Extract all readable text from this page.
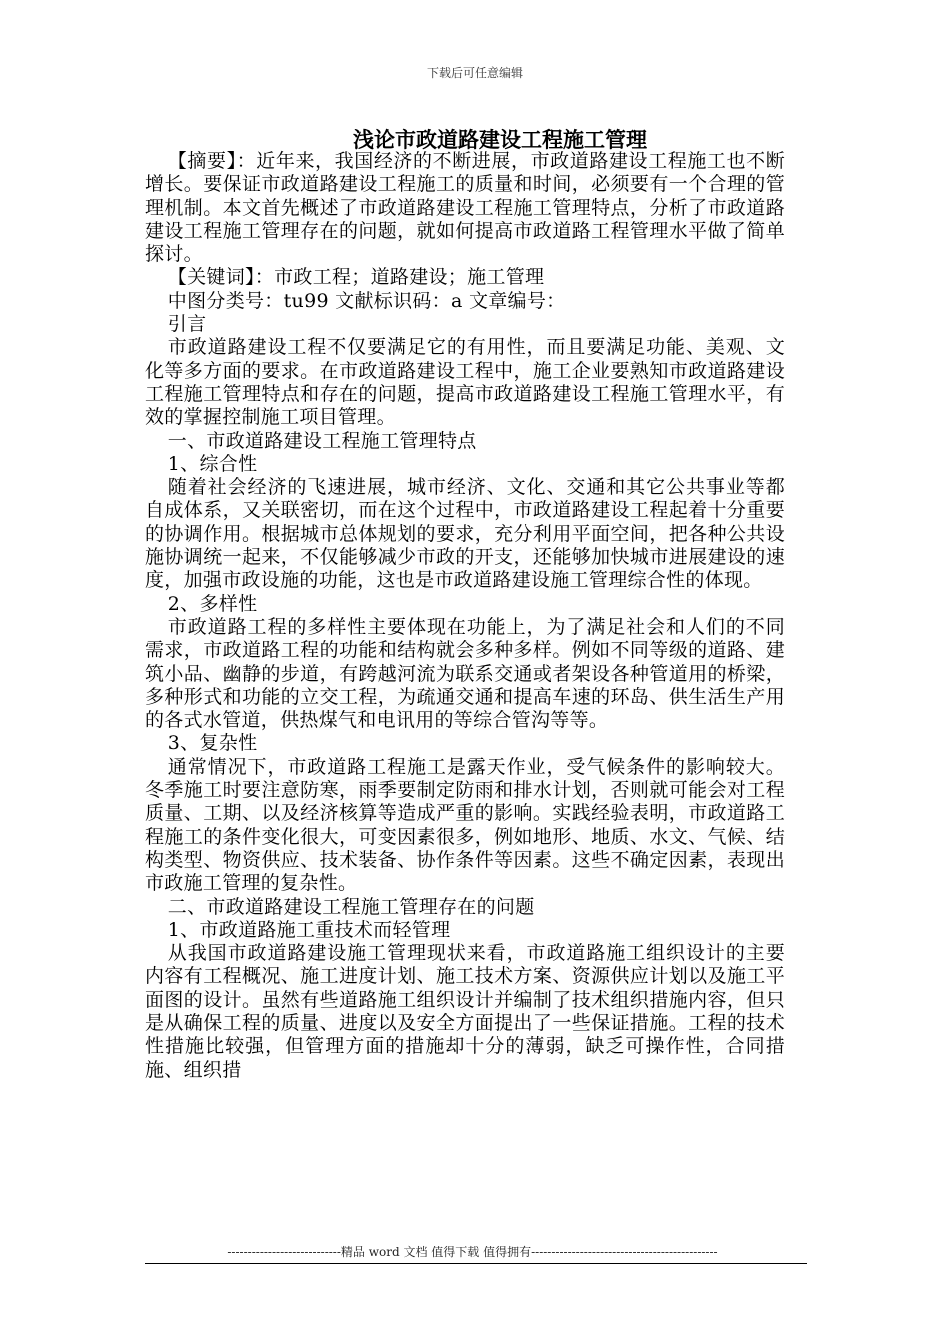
下载后可任意编辑
浅论市政道路建设工程施工管理

【摘要】：近年来，我国经济的不断进展，市政道路建设工程施工也不断增长。要保证市政道路建设工程施工的质量和时间，必须要有一个合理的管理机制。本文首先概述了市政道路建设工程施工管理特点，分析了市政道路建设工程施工管理存在的问题，就如何提高市政道路工程管理水平做了简单探讨。

【关键词】：市政工程；道路建设；施工管理

中图分类号：tu99 文献标识码：a 文章编号：

引言

市政道路建设工程不仅要满足它的有用性，而且要满足功能、美观、文化等多方面的要求。在市政道路建设工程中，施工企业要熟知市政道路建设工程施工管理特点和存在的问题，提高市政道路建设工程施工管理水平，有效的掌握控制施工项目管理。

一、市政道路建设工程施工管理特点

1、综合性

随着社会经济的飞速进展，城市经济、文化、交通和其它公共事业等都自成体系，又关联密切，而在这个过程中，市政道路建设工程起着十分重要的协调作用。根据城市总体规划的要求，充分利用平面空间，把各种公共设施协调统一起来，不仅能够减少市政的开支，还能够加快城市进展建设的速度，加强市政设施的功能，这也是市政道路建设施工管理综合性的体现。

2、多样性

市政道路工程的多样性主要体现在功能上，为了满足社会和人们的不同需求，市政道路工程的功能和结构就会多种多样。例如不同等级的道路、建筑小品、幽静的步道，有跨越河流为联系交通或者架设各种管道用的桥梁，多种形式和功能的立交工程，为疏通交通和提高车速的环岛、供生活生产用的各式水管道，供热煤气和电讯用的等综合管沟等等。

3、复杂性

通常情况下，市政道路工程施工是露天作业，受气候条件的影响较大。冬季施工时要注意防寒，雨季要制定防雨和排水计划，否则就可能会对工程质量、工期、以及经济核算等造成严重的影响。实践经验表明，市政道路工程施工的条件变化很大，可变因素很多，例如地形、地质、水文、气候、结构类型、物资供应、技术装备、协作条件等因素。这些不确定因素，表现出市政施工管理的复杂性。

二、市政道路建设工程施工管理存在的问题

1、市政道路施工重技术而轻管理

从我国市政道路建设施工管理现状来看，市政道路施工组织设计的主要内容有工程概况、施工进度计划、施工技术方案、资源供应计划以及施工平面图的设计。虽然有些道路施工组织设计并编制了技术组织措施内容，但只是从确保工程的质量、进度以及安全方面提出了一些保证措施。工程的技术性措施比较强，但管理方面的措施却十分的薄弱，缺乏可操作性，合同措施、组织措

----------------------------精品 word 文档 值得下载 值得拥有----------------------------------------------
